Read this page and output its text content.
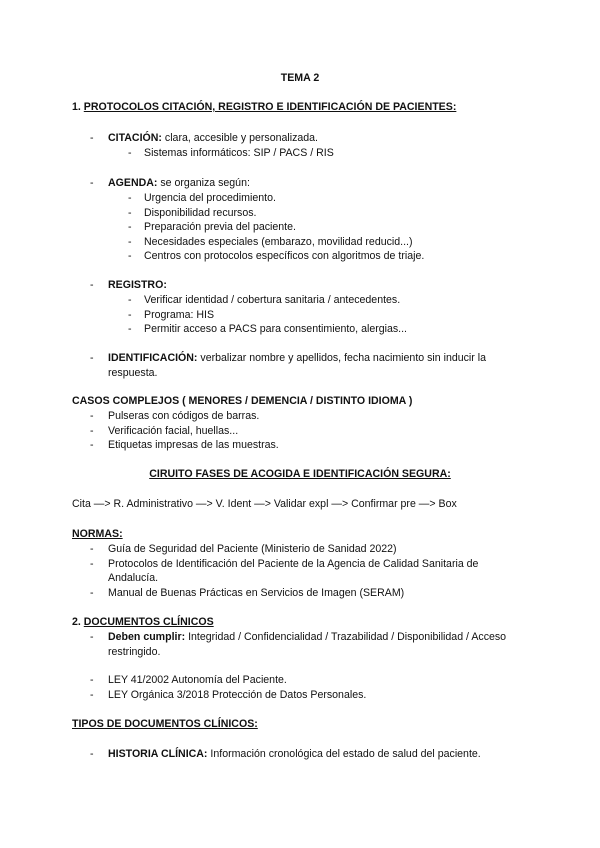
TEMA 2
1. PROTOCOLOS CITACIÓN, REGISTRO E IDENTIFICACIÓN DE PACIENTES:
- CITACIÓN: clara, accesible y personalizada.
- Sistemas informáticos: SIP / PACS / RIS
- AGENDA: se organiza según:
- Urgencia del procedimiento.
- Disponibilidad recursos.
- Preparación previa del paciente.
- Necesidades especiales (embarazo, movilidad reducid...)
- Centros con protocolos específicos con algoritmos de triaje.
- REGISTRO:
- Verificar identidad / cobertura sanitaria / antecedentes.
- Programa: HIS
- Permitir acceso a PACS para consentimiento, alergias...
- IDENTIFICACIÓN: verbalizar nombre y apellidos, fecha nacimiento sin inducir la
respuesta.
CASOS COMPLEJOS ( MENORES / DEMENCIA / DISTINTO IDIOMA )
- Pulseras con códigos de barras.
- Verificación facial, huellas...
- Etiquetas impresas de las muestras.
CIRUITO FASES DE ACOGIDA E IDENTIFICACIÓN SEGURA:
Cita —> R. Administrativo —> V. Ident —> Validar expl —> Confirmar pre —> Box
NORMAS:
- Guía de Seguridad del Paciente (Ministerio de Sanidad 2022)
- Protocolos de Identificación del Paciente de la Agencia de Calidad Sanitaria de
Andalucía.
- Manual de Buenas Prácticas en Servicios de Imagen (SERAM)
2. DOCUMENTOS CLÍNICOS
- Deben cumplir: Integridad / Confidencialidad / Trazabilidad / Disponibilidad / Acceso
restringido.
- LEY 41/2002 Autonomía del Paciente.
- LEY Orgánica 3/2018 Protección de Datos Personales.
TIPOS DE DOCUMENTOS CLÍNICOS:
- HISTORIA CLÍNICA: Información cronológica del estado de salud del paciente.
